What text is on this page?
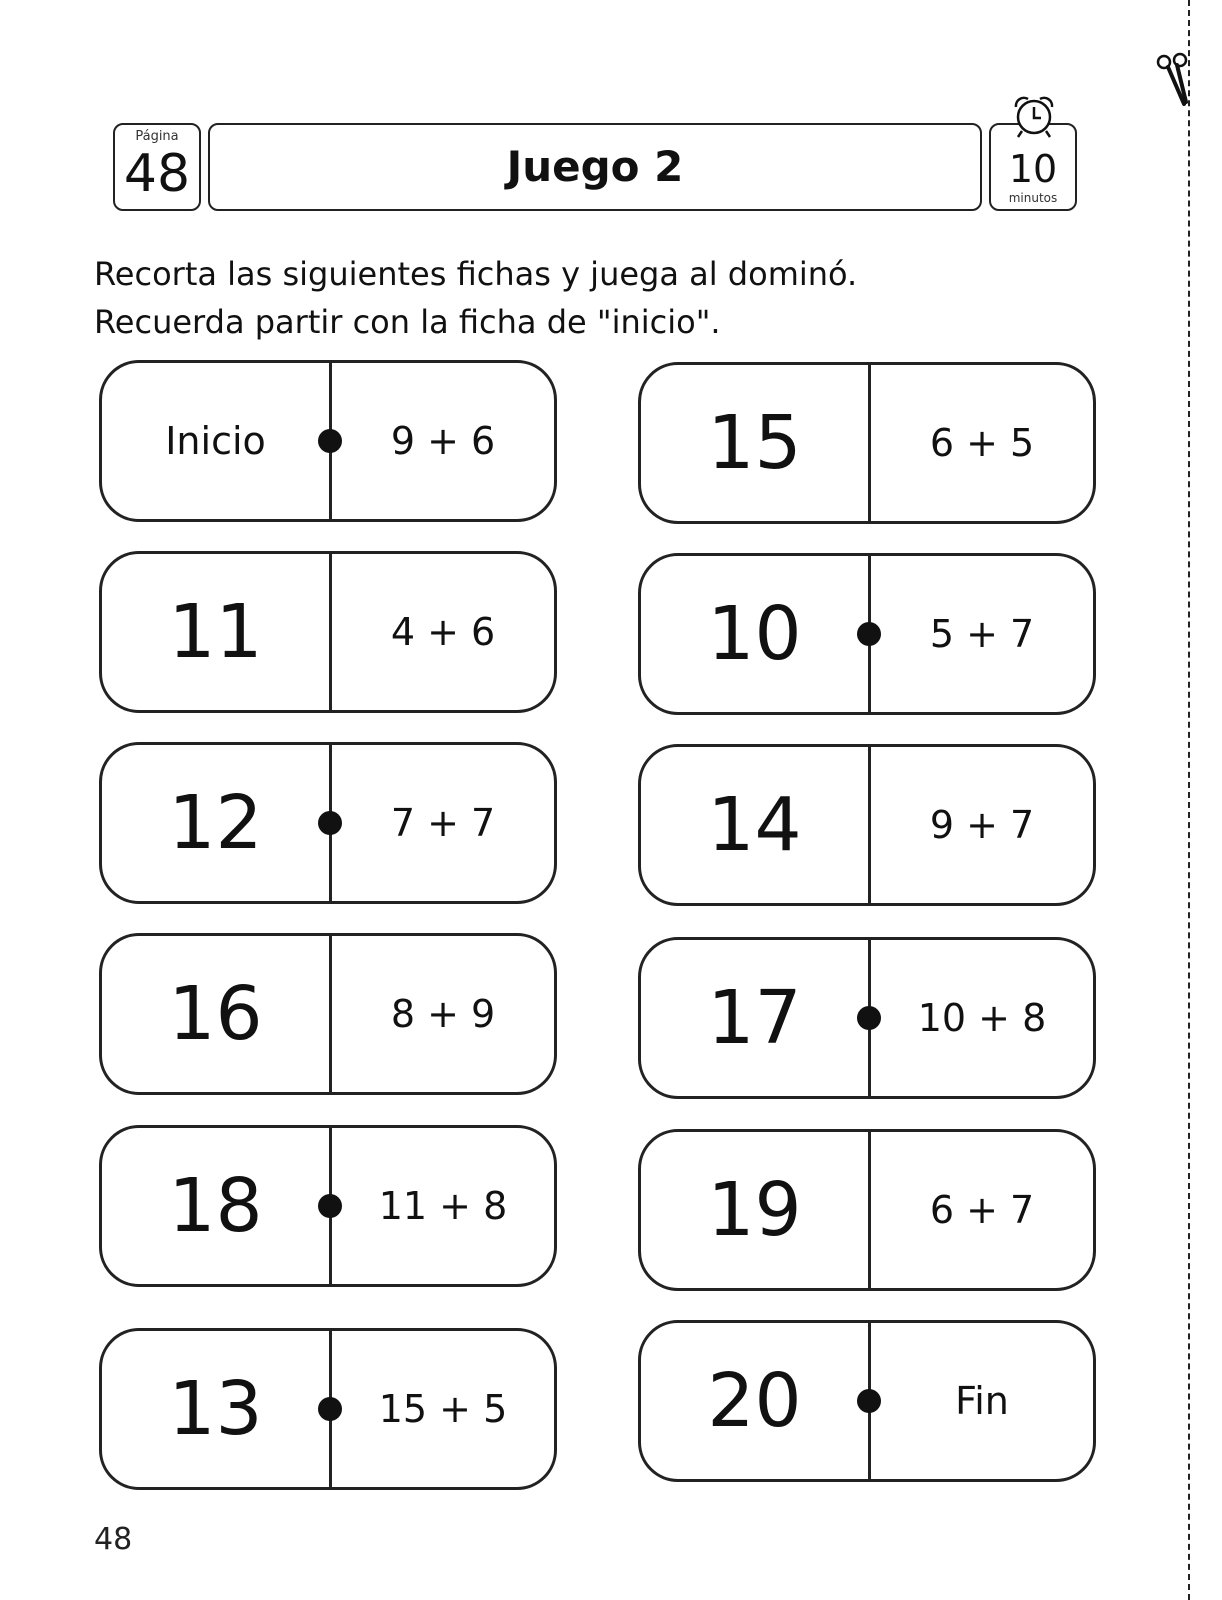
Página
48	Juego 2	10
minutos
Recorta las siguientes fichas y juega al dominó.
Recuerda partir con la ficha de "inicio".
Inicio	9 + 6
11	4 + 6
12	7 + 7
16	8 + 9
18	11 + 8
13	15 + 5
15	6 + 5
10	5 + 7
14	9 + 7
17	10 + 8
19	6 + 7
20	Fin
48
